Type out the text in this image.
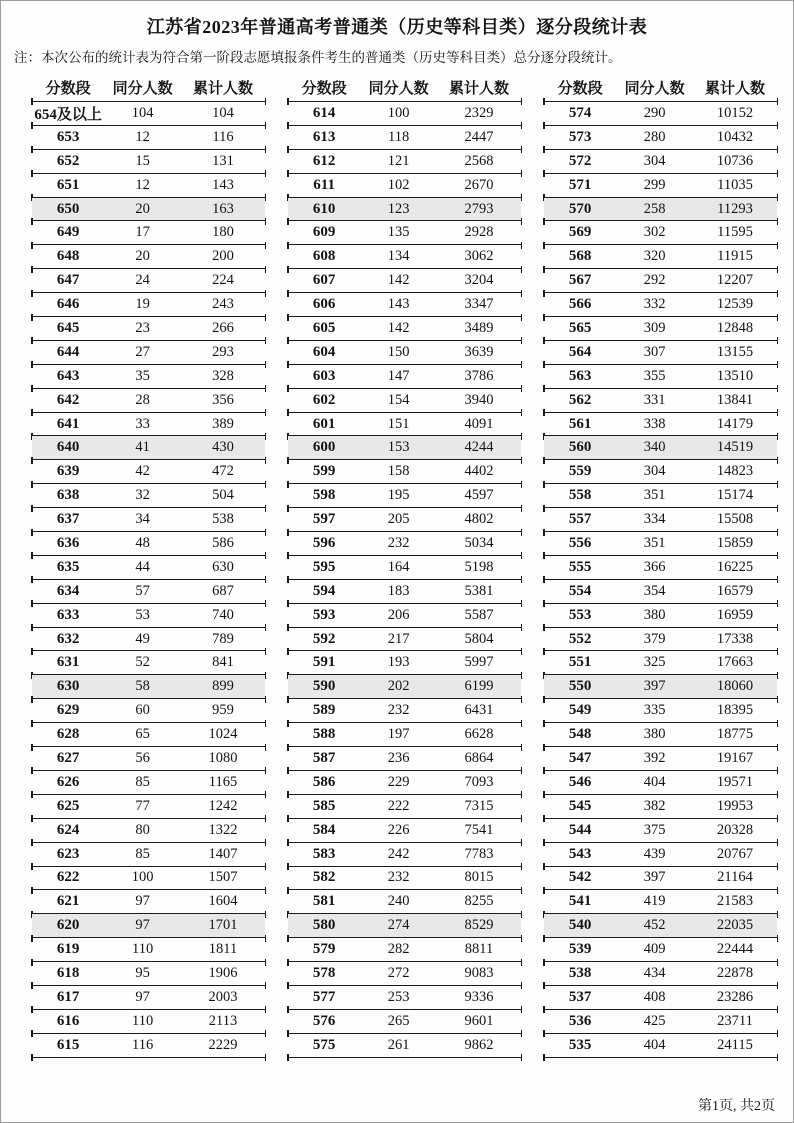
江苏省2023年普通高考普通类（历史等科目类）逐分段统计表
注：本次公布的统计表为符合第一阶段志愿填报条件考生的普通类（历史等科目类）总分逐分段统计。
分数段	同分人数	累计人数
654及以上	104	104
653	12	116
652	15	131
651	12	143
650	20	163
649	17	180
648	20	200
647	24	224
646	19	243
645	23	266
644	27	293
643	35	328
642	28	356
641	33	389
640	41	430
639	42	472
638	32	504
637	34	538
636	48	586
635	44	630
634	57	687
633	53	740
632	49	789
631	52	841
630	58	899
629	60	959
628	65	1024
627	56	1080
626	85	1165
625	77	1242
624	80	1322
623	85	1407
622	100	1507
621	97	1604
620	97	1701
619	110	1811
618	95	1906
617	97	2003
616	110	2113
615	116	2229
分数段	同分人数	累计人数
614	100	2329
613	118	2447
612	121	2568
611	102	2670
610	123	2793
609	135	2928
608	134	3062
607	142	3204
606	143	3347
605	142	3489
604	150	3639
603	147	3786
602	154	3940
601	151	4091
600	153	4244
599	158	4402
598	195	4597
597	205	4802
596	232	5034
595	164	5198
594	183	5381
593	206	5587
592	217	5804
591	193	5997
590	202	6199
589	232	6431
588	197	6628
587	236	6864
586	229	7093
585	222	7315
584	226	7541
583	242	7783
582	232	8015
581	240	8255
580	274	8529
579	282	8811
578	272	9083
577	253	9336
576	265	9601
575	261	9862
分数段	同分人数	累计人数
574	290	10152
573	280	10432
572	304	10736
571	299	11035
570	258	11293
569	302	11595
568	320	11915
567	292	12207
566	332	12539
565	309	12848
564	307	13155
563	355	13510
562	331	13841
561	338	14179
560	340	14519
559	304	14823
558	351	15174
557	334	15508
556	351	15859
555	366	16225
554	354	16579
553	380	16959
552	379	17338
551	325	17663
550	397	18060
549	335	18395
548	380	18775
547	392	19167
546	404	19571
545	382	19953
544	375	20328
543	439	20767
542	397	21164
541	419	21583
540	452	22035
539	409	22444
538	434	22878
537	408	23286
536	425	23711
535	404	24115
第1页, 共2页
